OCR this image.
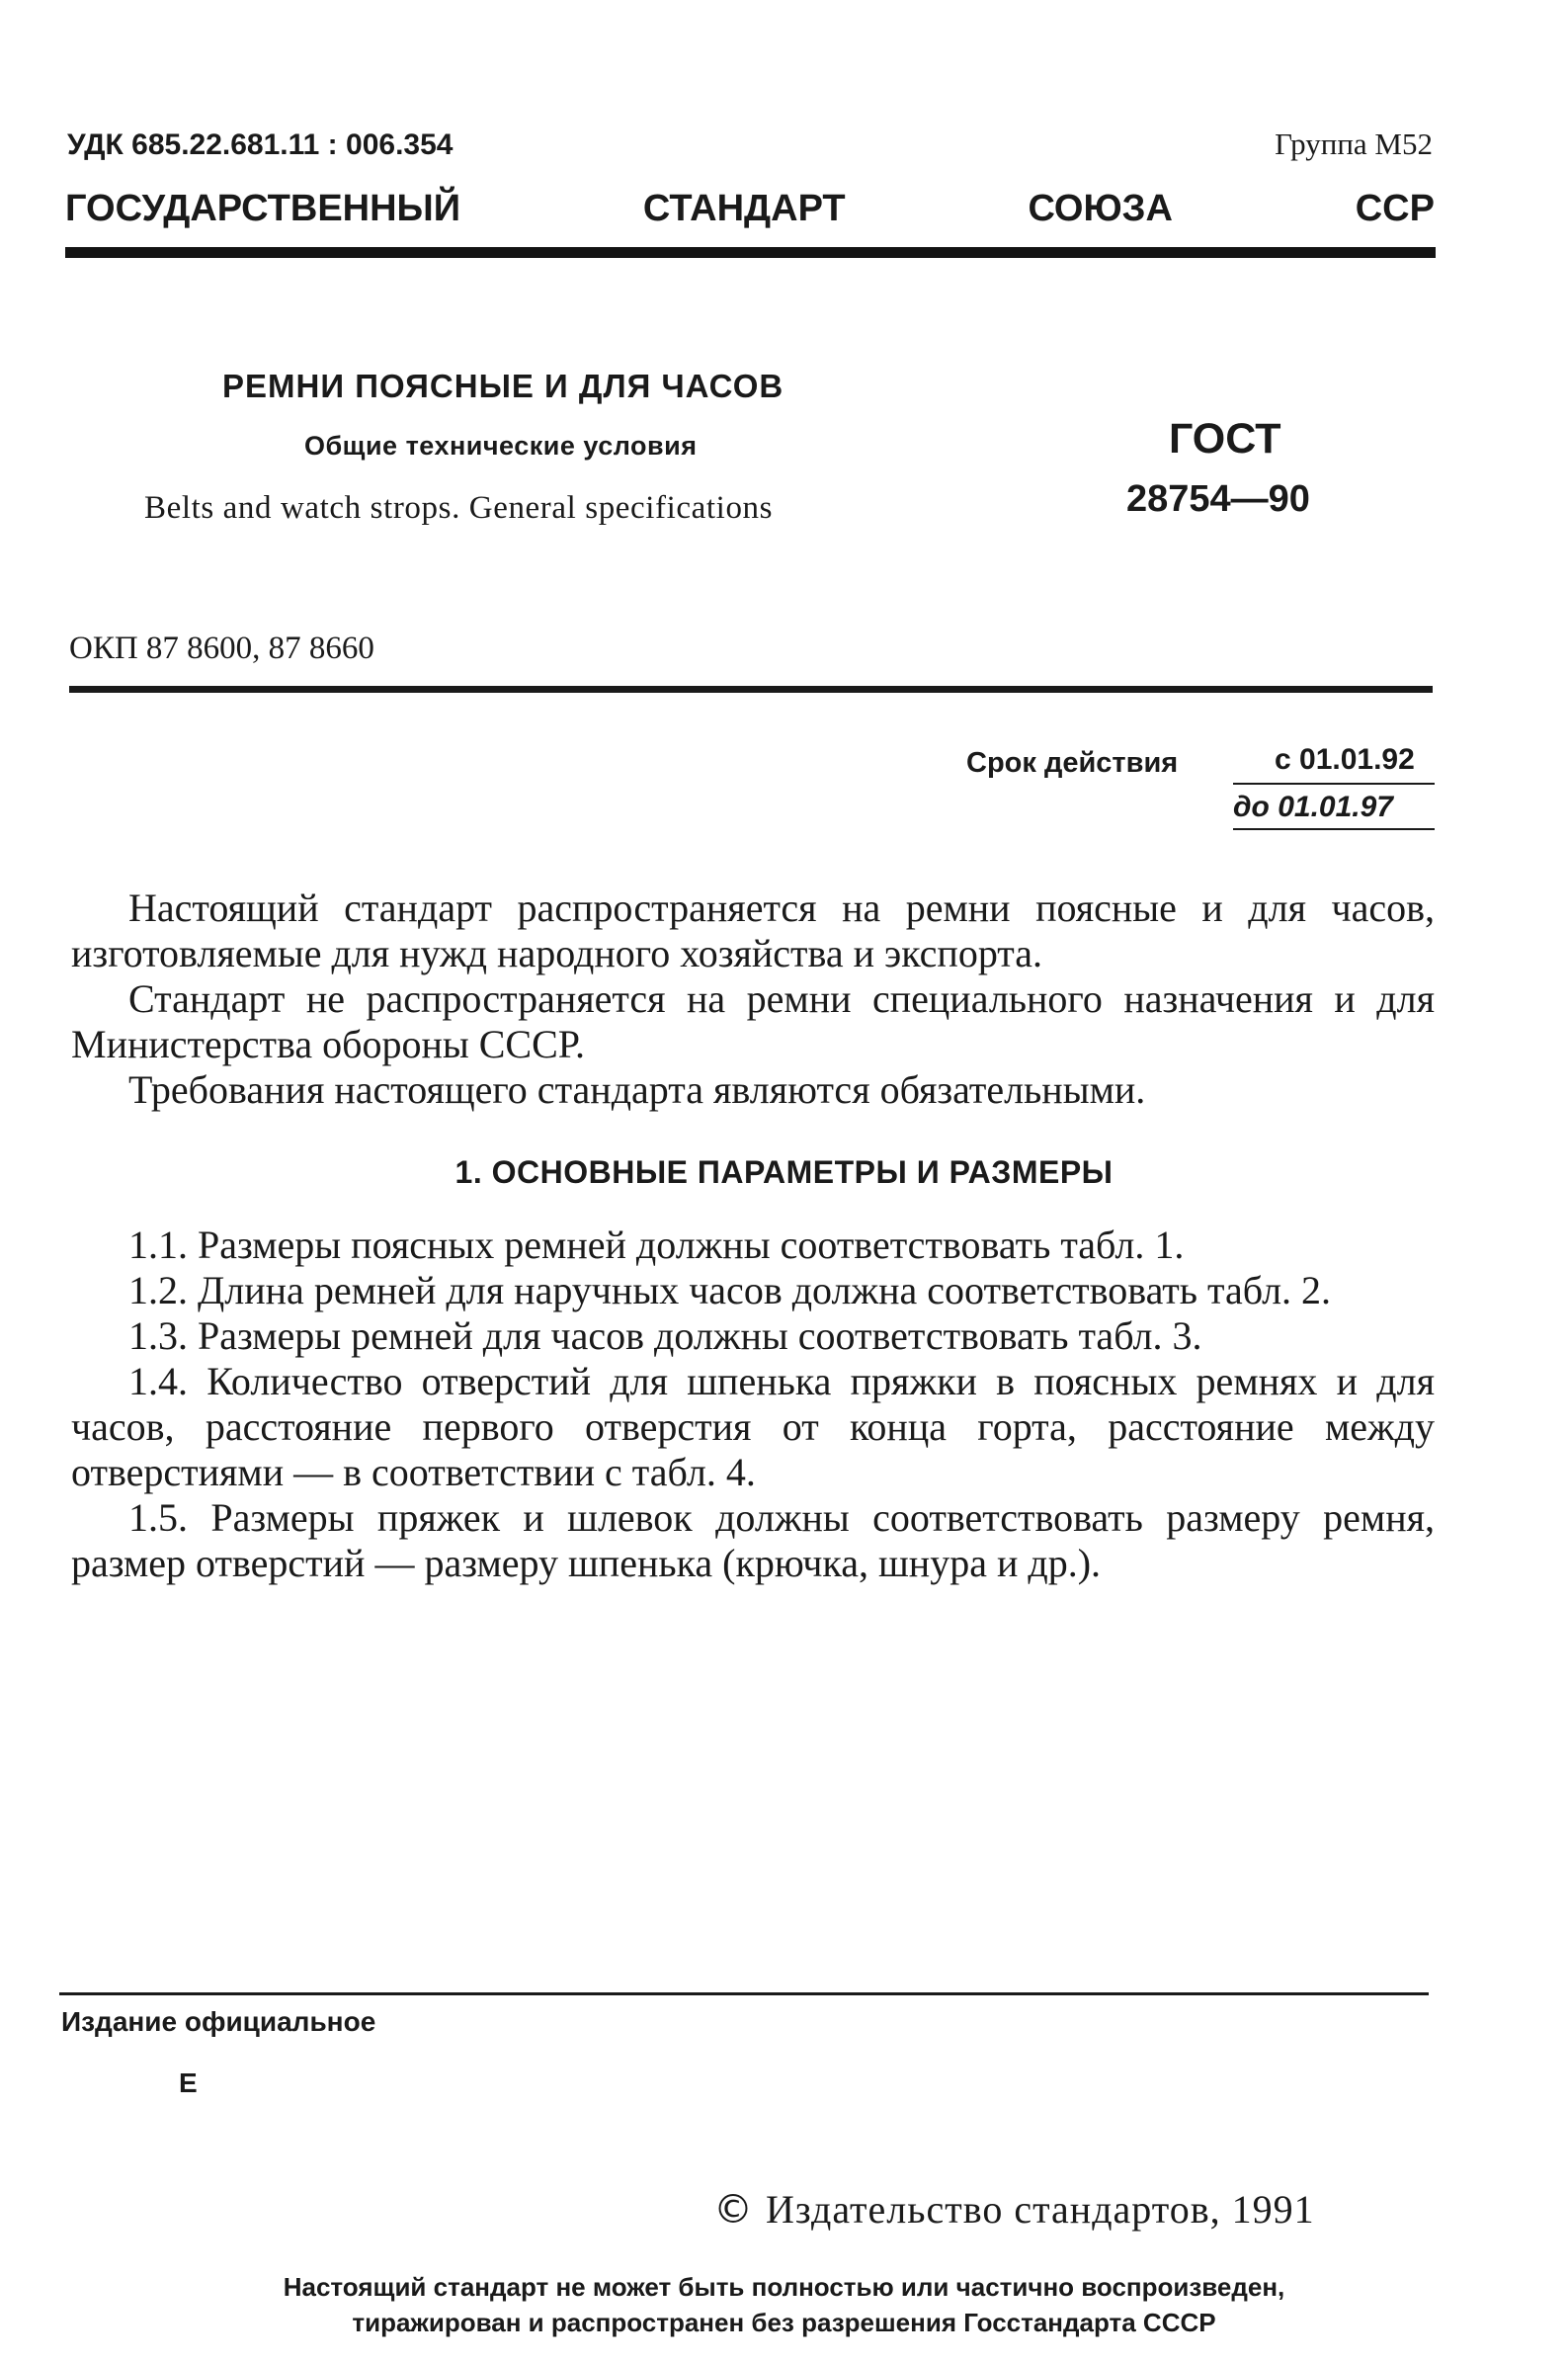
УДК 685.22.681.11 : 006.354	Группа М52
ГОСУДАРСТВЕННЫЙ	СТАНДАРТ	СОЮЗА	ССР
РЕМНИ ПОЯСНЫЕ И ДЛЯ ЧАСОВ
Общие технические условия
Belts and watch strops. General specifications
ГОСТ
28754—90
ОКП 87 8600, 87 8660
Срок действия	с 01.01.92
до 01.01.97

Настоящий стандарт распространяется на ремни поясные и для часов, изготовляемые для нужд народного хозяйства и экспорта.

Стандарт не распространяется на ремни специального назначения и для Министерства обороны СССР.

Требования настоящего стандарта являются обязательными.

1. ОСНОВНЫЕ ПАРАМЕТРЫ И РАЗМЕРЫ

1.1. Размеры поясных ремней должны соответствовать табл. 1.

1.2. Длина ремней для наручных часов должна соответствовать табл. 2.

1.3. Размеры ремней для часов должны соответствовать табл. 3.

1.4. Количество отверстий для шпенька пряжки в поясных ремнях и для часов, расстояние первого отверстия от конца горта, расстояние между отверстиями — в соответствии с табл. 4.

1.5. Размеры пряжек и шлевок должны соответствовать размеру ремня, размер отверстий — размеру шпенька (крючка, шнура и др.).

Издание официальное
Е
© Издательство стандартов, 1991
Настоящий стандарт не может быть полностью или частично воспроизведен,
тиражирован и распространен без разрешения Госстандарта СССР
